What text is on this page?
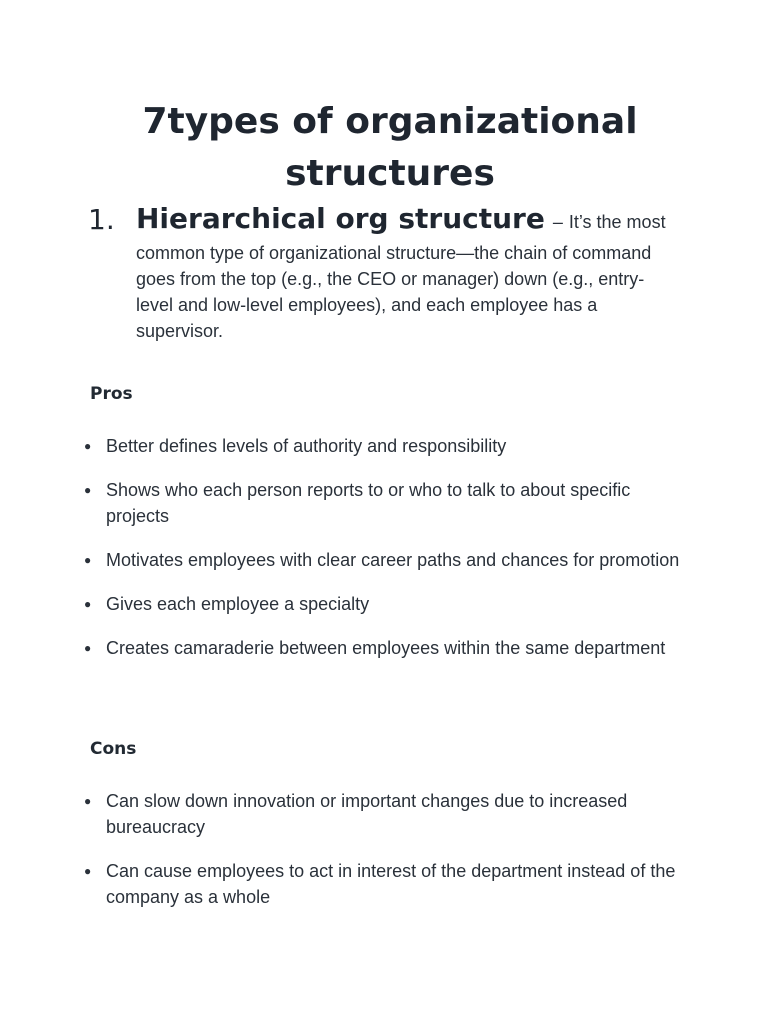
7types of organizational structures
1. Hierarchical org structure – It’s the most common type of organizational structure—the chain of command goes from the top (e.g., the CEO or manager) down (e.g., entry-level and low-level employees), and each employee has a supervisor.
Pros
● Better defines levels of authority and responsibility
● Shows who each person reports to or who to talk to about specific projects
● Motivates employees with clear career paths and chances for promotion
● Gives each employee a specialty
● Creates camaraderie between employees within the same department
Cons
● Can slow down innovation or important changes due to increased bureaucracy
● Can cause employees to act in interest of the department instead of the company as a whole
